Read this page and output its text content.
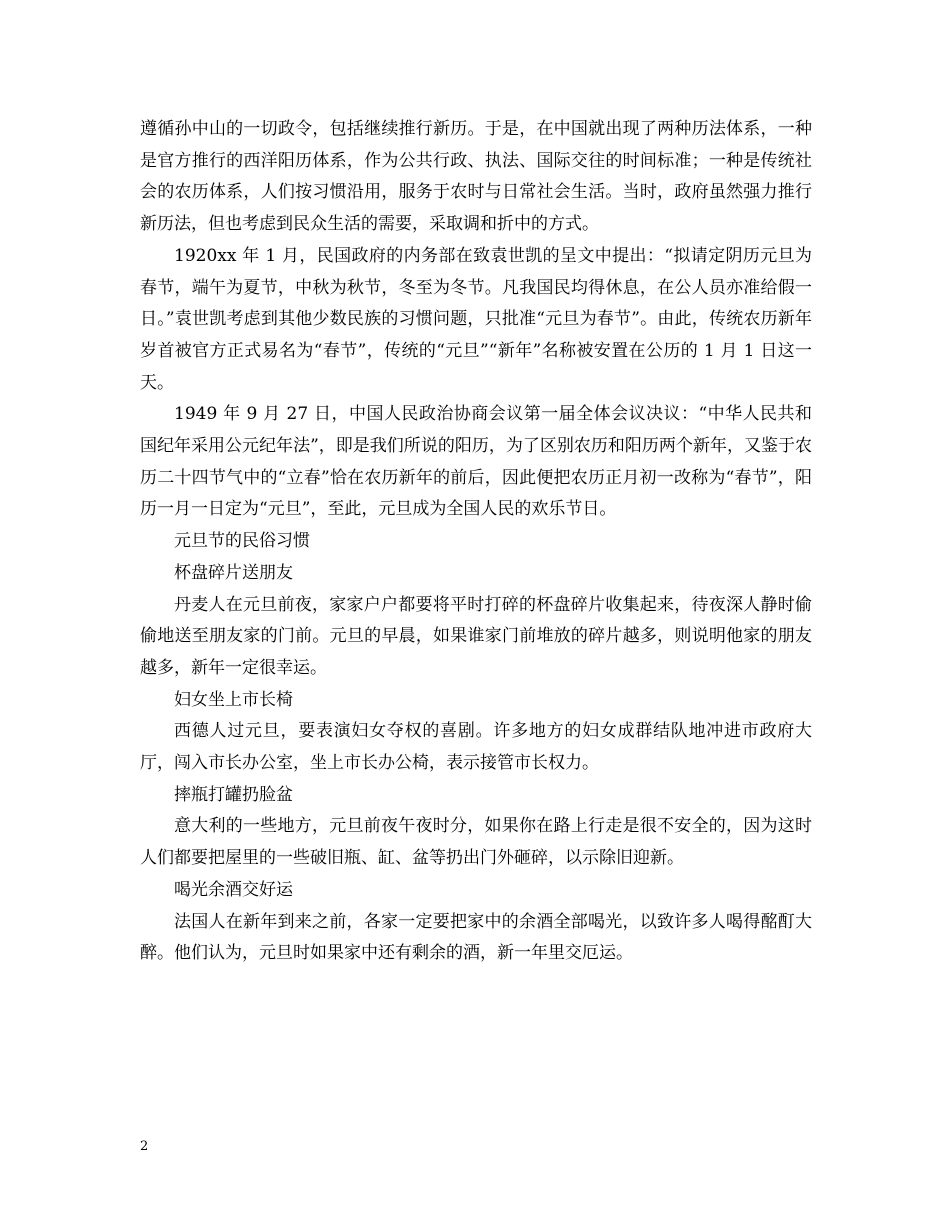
遵循孙中山的一切政令，包括继续推行新历。于是，在中国就出现了两种历法体系，一种是官方推行的西洋阳历体系，作为公共行政、执法、国际交往的时间标准；一种是传统社会的农历体系，人们按习惯沿用，服务于农时与日常社会生活。当时，政府虽然强力推行新历法，但也考虑到民众生活的需要，采取调和折中的方式。

1920xx 年 1 月，民国政府的内务部在致袁世凯的呈文中提出：“拟请定阴历元旦为春节，端午为夏节，中秋为秋节，冬至为冬节。凡我国民均得休息，在公人员亦准给假一日。”袁世凯考虑到其他少数民族的习惯问题，只批准“元旦为春节”。由此，传统农历新年岁首被官方正式易名为“春节”，传统的“元旦”“新年”名称被安置在公历的 1 月 1 日这一天。

1949 年 9 月 27 日，中国人民政治协商会议第一届全体会议决议：“中华人民共和国纪年采用公元纪年法”，即是我们所说的阳历，为了区别农历和阳历两个新年，又鉴于农历二十四节气中的“立春”恰在农历新年的前后，因此便把农历正月初一改称为“春节”，阳历一月一日定为“元旦”，至此，元旦成为全国人民的欢乐节日。

元旦节的民俗习惯

杯盘碎片送朋友

丹麦人在元旦前夜，家家户户都要将平时打碎的杯盘碎片收集起来，待夜深人静时偷偷地送至朋友家的门前。元旦的早晨，如果谁家门前堆放的碎片越多，则说明他家的朋友越多，新年一定很幸运。

妇女坐上市长椅

西德人过元旦，要表演妇女夺权的喜剧。许多地方的妇女成群结队地冲进市政府大厅，闯入市长办公室，坐上市长办公椅，表示接管市长权力。

摔瓶打罐扔脸盆

意大利的一些地方，元旦前夜午夜时分，如果你在路上行走是很不安全的，因为这时人们都要把屋里的一些破旧瓶、缸、盆等扔出门外砸碎，以示除旧迎新。

喝光余酒交好运

法国人在新年到来之前，各家一定要把家中的余酒全部喝光，以致许多人喝得酩酊大醉。他们认为，元旦时如果家中还有剩余的酒，新一年里交厄运。

2
